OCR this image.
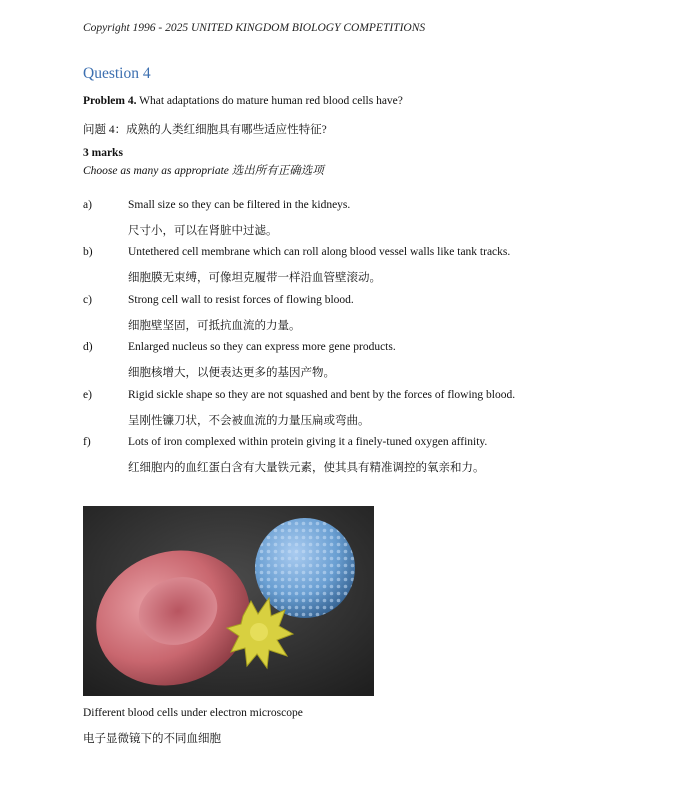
Copyright 1996 - 2025 UNITED KINGDOM BIOLOGY COMPETITIONS
Question 4
Problem 4. What adaptations do mature human red blood cells have?
问题 4：成熟的人类红细胞具有哪些适应性特征?
3 marks
Choose as many as appropriate 选出所有正确选项
a)	Small size so they can be filtered in the kidneys.
尺寸小，可以在肾脏中过滤。
b)	Untethered cell membrane which can roll along blood vessel walls like tank tracks.
细胞膜无束缚，可像坦克履带一样沿血管壁滚动。
c)	Strong cell wall to resist forces of flowing blood.
细胞壁坚固，可抵抗血流的力量。
d)	Enlarged nucleus so they can express more gene products.
细胞核增大，以便表达更多的基因产物。
e)	Rigid sickle shape so they are not squashed and bent by the forces of flowing blood.
呈刚性镰刀状，不会被血流的力量压扁或弯曲。
f)	Lots of iron complexed within protein giving it a finely-tuned oxygen affinity.
红细胞内的血红蛋白含有大量铁元素，使其具有精准调控的氧亲和力。
Different blood cells under electron microscope
电子显微镜下的不同血细胞
